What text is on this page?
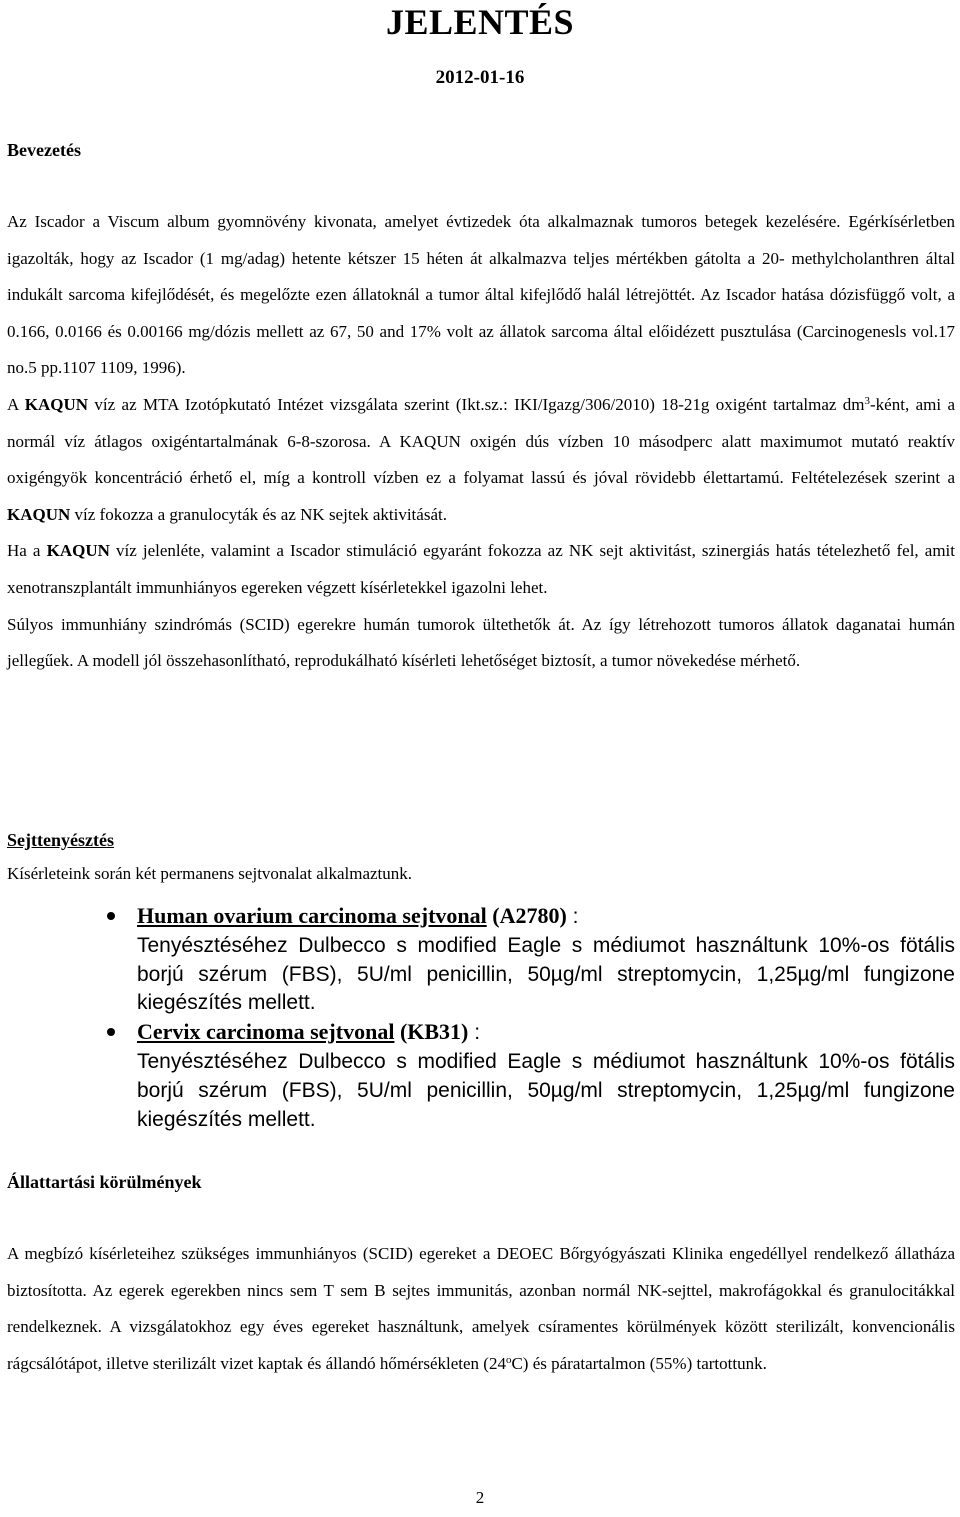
JELENTÉS
2012-01-16
Bevezetés

Az Iscador a Viscum album gyomnövény kivonata, amelyet évtizedek óta alkalmaznak tumoros betegek kezelésére. Egérkísérletben igazolták, hogy az Iscador (1 mg/adag) hetente kétszer 15 héten át alkalmazva teljes mértékben gátolta a 20- methylcholanthren által indukált sarcoma kifejlődését, és megelőzte ezen állatoknál a tumor által kifejlődő halál létrejöttét. Az Iscador hatása dózisfüggő volt, a 0.166, 0.0166 és 0.00166 mg/dózis mellett az 67, 50 and 17% volt az állatok sarcoma által előidézett pusztulása (Carcinogenesls vol.17 no.5 pp.1107 1109, 1996).

A KAQUN víz az MTA Izotópkutató Intézet vizsgálata szerint (Ikt.sz.: IKI/Igazg/306/2010) 18-21g oxigént tartalmaz $dm^3$-ként, ami a normál víz átlagos oxigéntartalmának 6-8-szorosa. A KAQUN oxigén dús vízben 10 másodperc alatt maximumot mutató reaktív oxigéngyök koncentráció érhető el, míg a kontroll vízben ez a folyamat lassú és jóval rövidebb élettartamú. Feltételezések szerint a KAQUN víz fokozza a granulocyták és az NK sejtek aktivitását.

Ha a KAQUN víz jelenléte, valamint a Iscador stimuláció egyaránt fokozza az NK sejt aktivitást, szinergiás hatás tételezhető fel, amit xenotranszplantált immunhiányos egereken végzett kísérletekkel igazolni lehet.

Súlyos immunhiány szindrómás (SCID) egerekre humán tumorok ültethetők át. Az így létrehozott tumoros állatok daganatai humán jellegűek. A modell jól összehasonlítható, reprodukálható kísérleti lehetőséget biztosít, a tumor növekedése mérhető.

Sejttenyésztés
Kísérleteink során két permanens sejtvonalat alkalmaztunk.
Human ovarium carcinoma sejtvonal (A2780) :
Tenyésztéséhez Dulbecco s modified Eagle s médiumot használtunk 10%-os fötális borjú szérum (FBS), 5U/ml penicillin, 50µg/ml streptomycin, 1,25µg/ml fungizone kiegészítés mellett.
Cervix carcinoma sejtvonal (KB31) :
Tenyésztéséhez Dulbecco s modified Eagle s médiumot használtunk 10%-os fötális borjú szérum (FBS), 5U/ml penicillin, 50µg/ml streptomycin, 1,25µg/ml fungizone kiegészítés mellett.
Állattartási körülmények

A megbízó kísérleteihez szükséges immunhiányos (SCID) egereket a DEOEC Bőrgyógyászati Klinika engedéllyel rendelkező állatháza biztosította. Az egerek egerekben nincs sem T sem B sejtes immunitás, azonban normál NK-sejttel, makrofágokkal és granulocitákkal rendelkeznek. A vizsgálatokhoz egy éves egereket használtunk, amelyek csíramentes körülmények között sterilizált, konvencionális rágcsálótápot, illetve sterilizált vizet kaptak és állandó hőmérsékleten (24$^o$C) és páratartalmon (55%) tartottunk.

2
